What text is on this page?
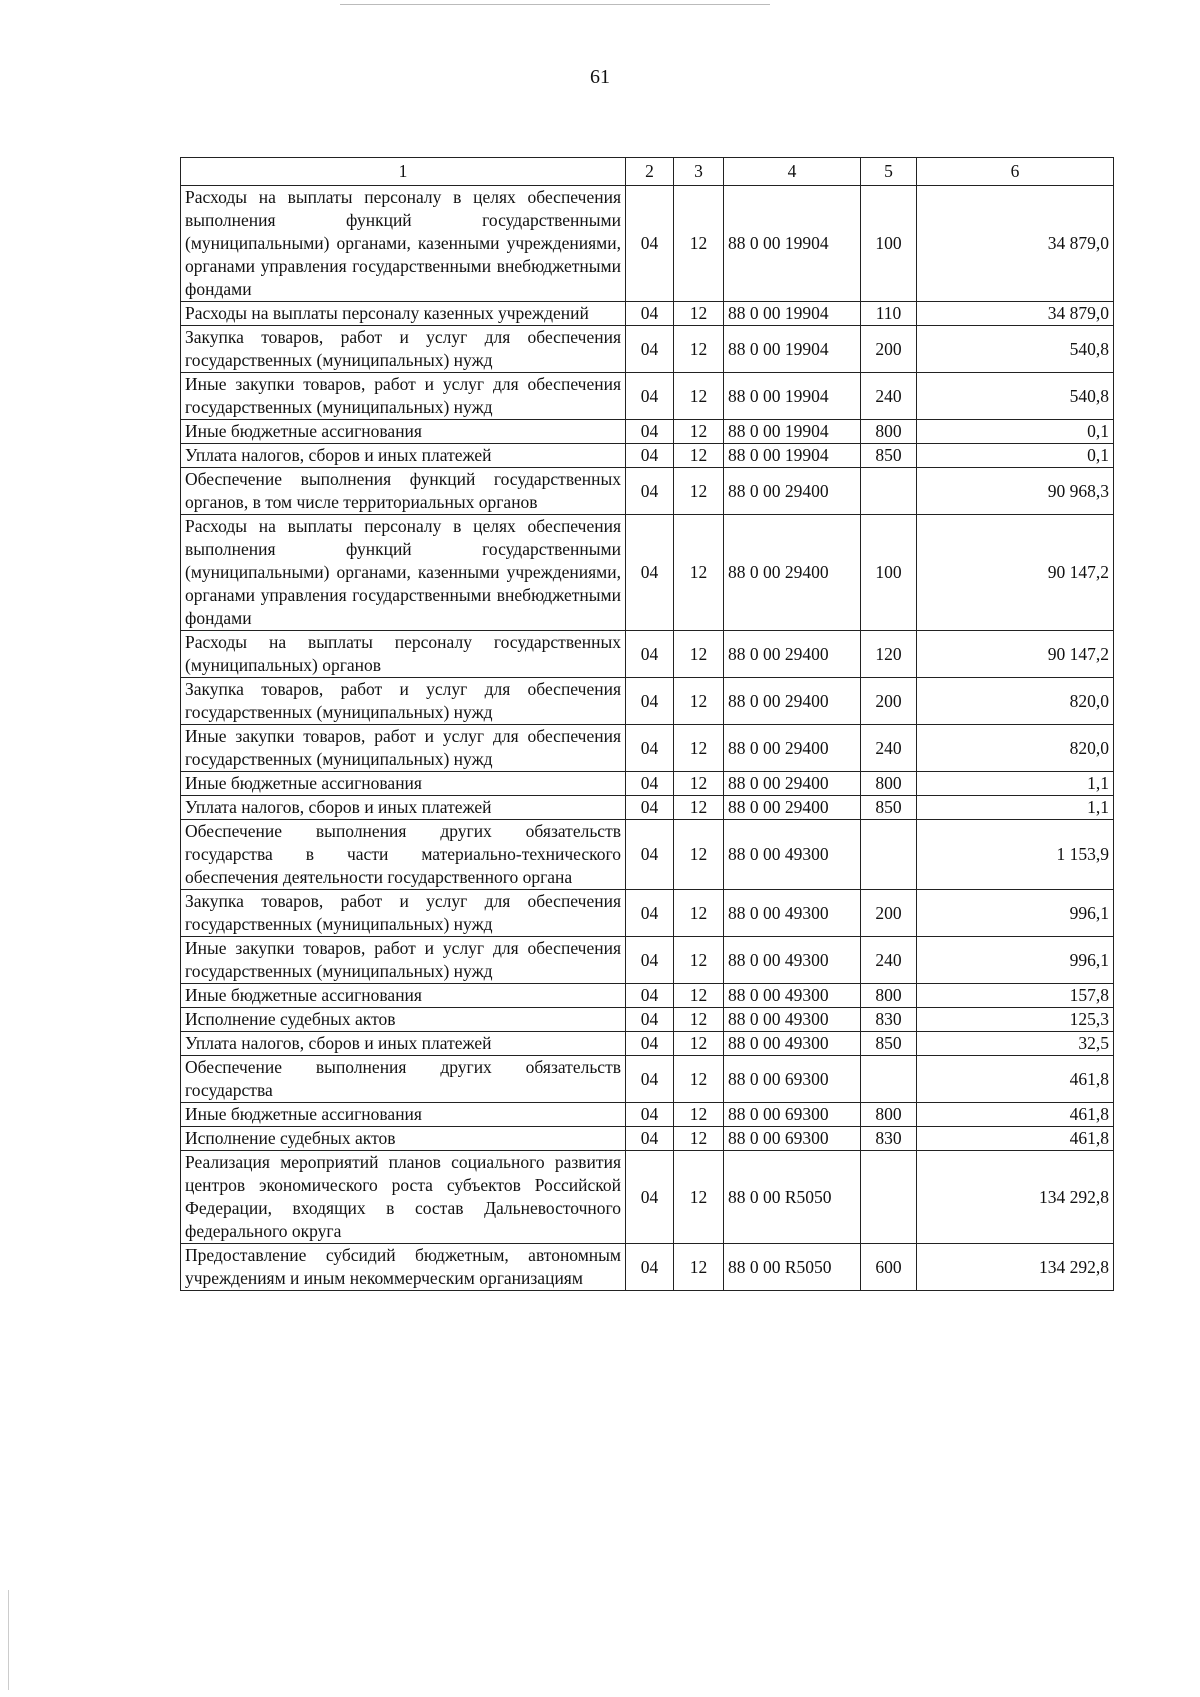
61
1	2	3	4	5	6
Расходы на выплаты персоналу в целях обеспечения выполнения функций государственными (муниципальными) органами, казенными учреждениями, органами управления государственными внебюджетными фондами	04	12	88 0 00 19904	100	34 879,0
Расходы на выплаты персоналу казенных учреждений	04	12	88 0 00 19904	110	34 879,0
Закупка товаров, работ и услуг для обеспечения государственных (муниципальных) нужд	04	12	88 0 00 19904	200	540,8
Иные закупки товаров, работ и услуг для обеспечения государственных (муниципальных) нужд	04	12	88 0 00 19904	240	540,8
Иные бюджетные ассигнования	04	12	88 0 00 19904	800	0,1
Уплата налогов, сборов и иных платежей	04	12	88 0 00 19904	850	0,1
Обеспечение выполнения функций государственных органов, в том числе территориальных органов	04	12	88 0 00 29400		90 968,3
Расходы на выплаты персоналу в целях обеспечения выполнения функций государственными (муниципальными) органами, казенными учреждениями, органами управления государственными внебюджетными фондами	04	12	88 0 00 29400	100	90 147,2
Расходы на выплаты персоналу государственных (муниципальных) органов	04	12	88 0 00 29400	120	90 147,2
Закупка товаров, работ и услуг для обеспечения государственных (муниципальных) нужд	04	12	88 0 00 29400	200	820,0
Иные закупки товаров, работ и услуг для обеспечения государственных (муниципальных) нужд	04	12	88 0 00 29400	240	820,0
Иные бюджетные ассигнования	04	12	88 0 00 29400	800	1,1
Уплата налогов, сборов и иных платежей	04	12	88 0 00 29400	850	1,1
Обеспечение выполнения других обязательств государства в части материально-технического обеспечения деятельности государственного органа	04	12	88 0 00 49300		1 153,9
Закупка товаров, работ и услуг для обеспечения государственных (муниципальных) нужд	04	12	88 0 00 49300	200	996,1
Иные закупки товаров, работ и услуг для обеспечения государственных (муниципальных) нужд	04	12	88 0 00 49300	240	996,1
Иные бюджетные ассигнования	04	12	88 0 00 49300	800	157,8
Исполнение судебных актов	04	12	88 0 00 49300	830	125,3
Уплата налогов, сборов и иных платежей	04	12	88 0 00 49300	850	32,5
Обеспечение выполнения других обязательств государства	04	12	88 0 00 69300		461,8
Иные бюджетные ассигнования	04	12	88 0 00 69300	800	461,8
Исполнение судебных актов	04	12	88 0 00 69300	830	461,8
Реализация мероприятий планов социального развития центров экономического роста субъектов Российской Федерации, входящих в состав Дальневосточного федерального округа	04	12	88 0 00 R5050		134 292,8
Предоставление субсидий бюджетным, автономным учреждениям и иным некоммерческим организациям	04	12	88 0 00 R5050	600	134 292,8
